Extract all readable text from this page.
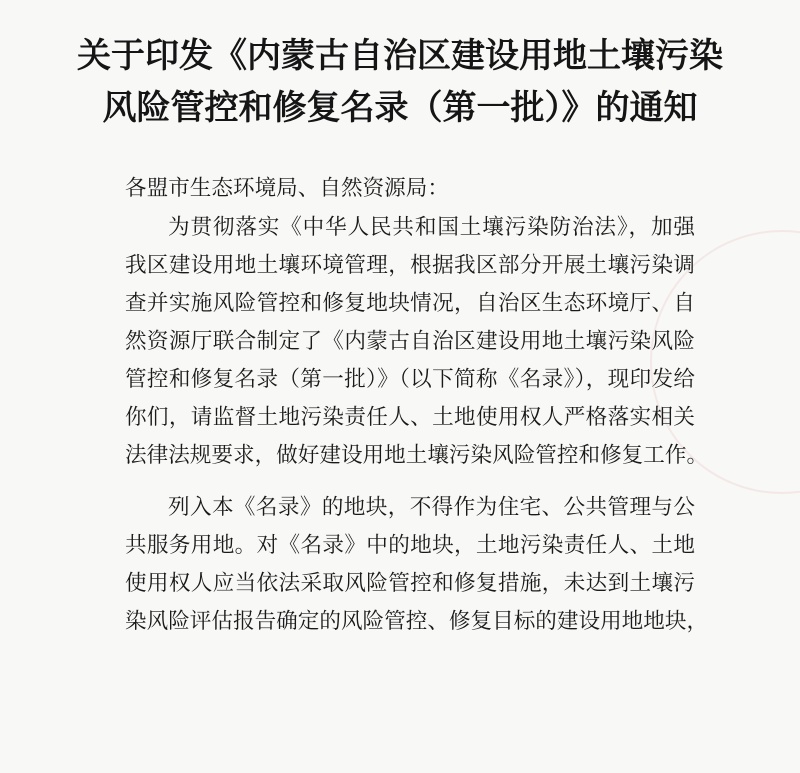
关于印发《内蒙古自治区建设用地土壤污染
风险管控和修复名录（第一批）》的通知
各盟市生态环境局、自然资源局：
为贯彻落实《中华人民共和国土壤污染防治法》，加强
我区建设用地土壤环境管理，根据我区部分开展土壤污染调
查并实施风险管控和修复地块情况，自治区生态环境厅、自
然资源厅联合制定了《内蒙古自治区建设用地土壤污染风险
管控和修复名录（第一批）》（以下简称《名录》），现印发给
你们，请监督土地污染责任人、土地使用权人严格落实相关
法律法规要求，做好建设用地土壤污染风险管控和修复工作。
列入本《名录》的地块，不得作为住宅、公共管理与公
共服务用地。对《名录》中的地块，土地污染责任人、土地
使用权人应当依法采取风险管控和修复措施，未达到土壤污
染风险评估报告确定的风险管控、修复目标的建设用地地块，
